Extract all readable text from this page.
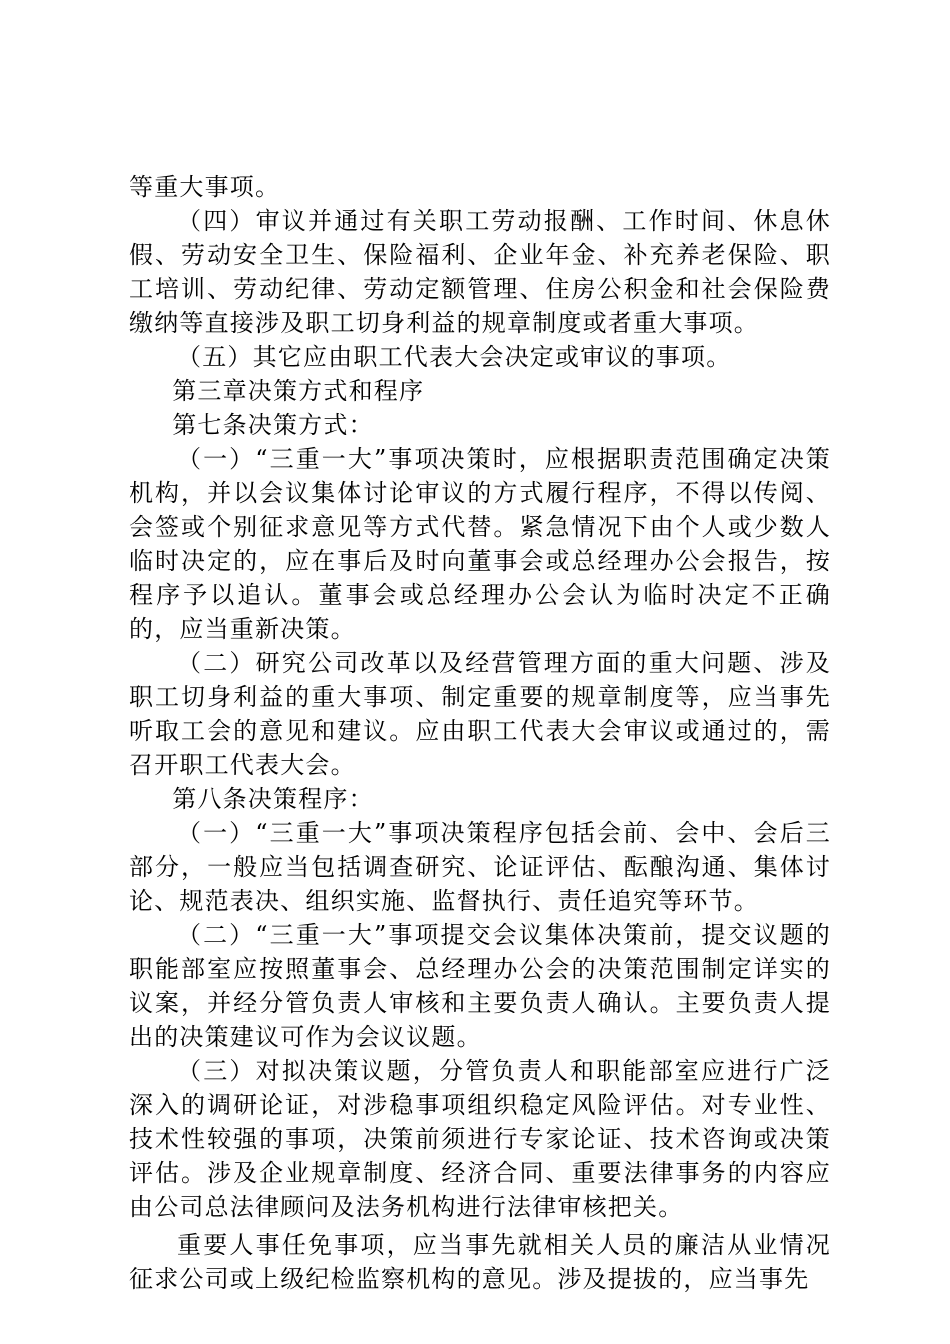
等重大事项。

（四）审议并通过有关职工劳动报酬、工作时间、休息休假、劳动安全卫生、保险福利、企业年金、补充养老保险、职工培训、劳动纪律、劳动定额管理、住房公积金和社会保险费缴纳等直接涉及职工切身利益的规章制度或者重大事项。

（五）其它应由职工代表大会决定或审议的事项。

第三章决策方式和程序

第七条决策方式：

（一）“三重一大”事项决策时，应根据职责范围确定决策机构，并以会议集体讨论审议的方式履行程序，不得以传阅、会签或个别征求意见等方式代替。紧急情况下由个人或少数人临时决定的，应在事后及时向董事会或总经理办公会报告，按程序予以追认。董事会或总经理办公会认为临时决定不正确的，应当重新决策。

（二）研究公司改革以及经营管理方面的重大问题、涉及职工切身利益的重大事项、制定重要的规章制度等，应当事先听取工会的意见和建议。应由职工代表大会审议或通过的，需召开职工代表大会。

第八条决策程序：

（一）“三重一大”事项决策程序包括会前、会中、会后三部分，一般应当包括调查研究、论证评估、酝酿沟通、集体讨论、规范表决、组织实施、监督执行、责任追究等环节。

（二）“三重一大”事项提交会议集体决策前，提交议题的职能部室应按照董事会、总经理办公会的决策范围制定详实的议案，并经分管负责人审核和主要负责人确认。主要负责人提出的决策建议可作为会议议题。

（三）对拟决策议题，分管负责人和职能部室应进行广泛深入的调研论证，对涉稳事项组织稳定风险评估。对专业性、技术性较强的事项，决策前须进行专家论证、技术咨询或决策评估。涉及企业规章制度、经济合同、重要法律事务的内容应由公司总法律顾问及法务机构进行法律审核把关。

重要人事任免事项，应当事先就相关人员的廉洁从业情况征求公司或上级纪检监察机构的意见。涉及提拔的，应当事先
